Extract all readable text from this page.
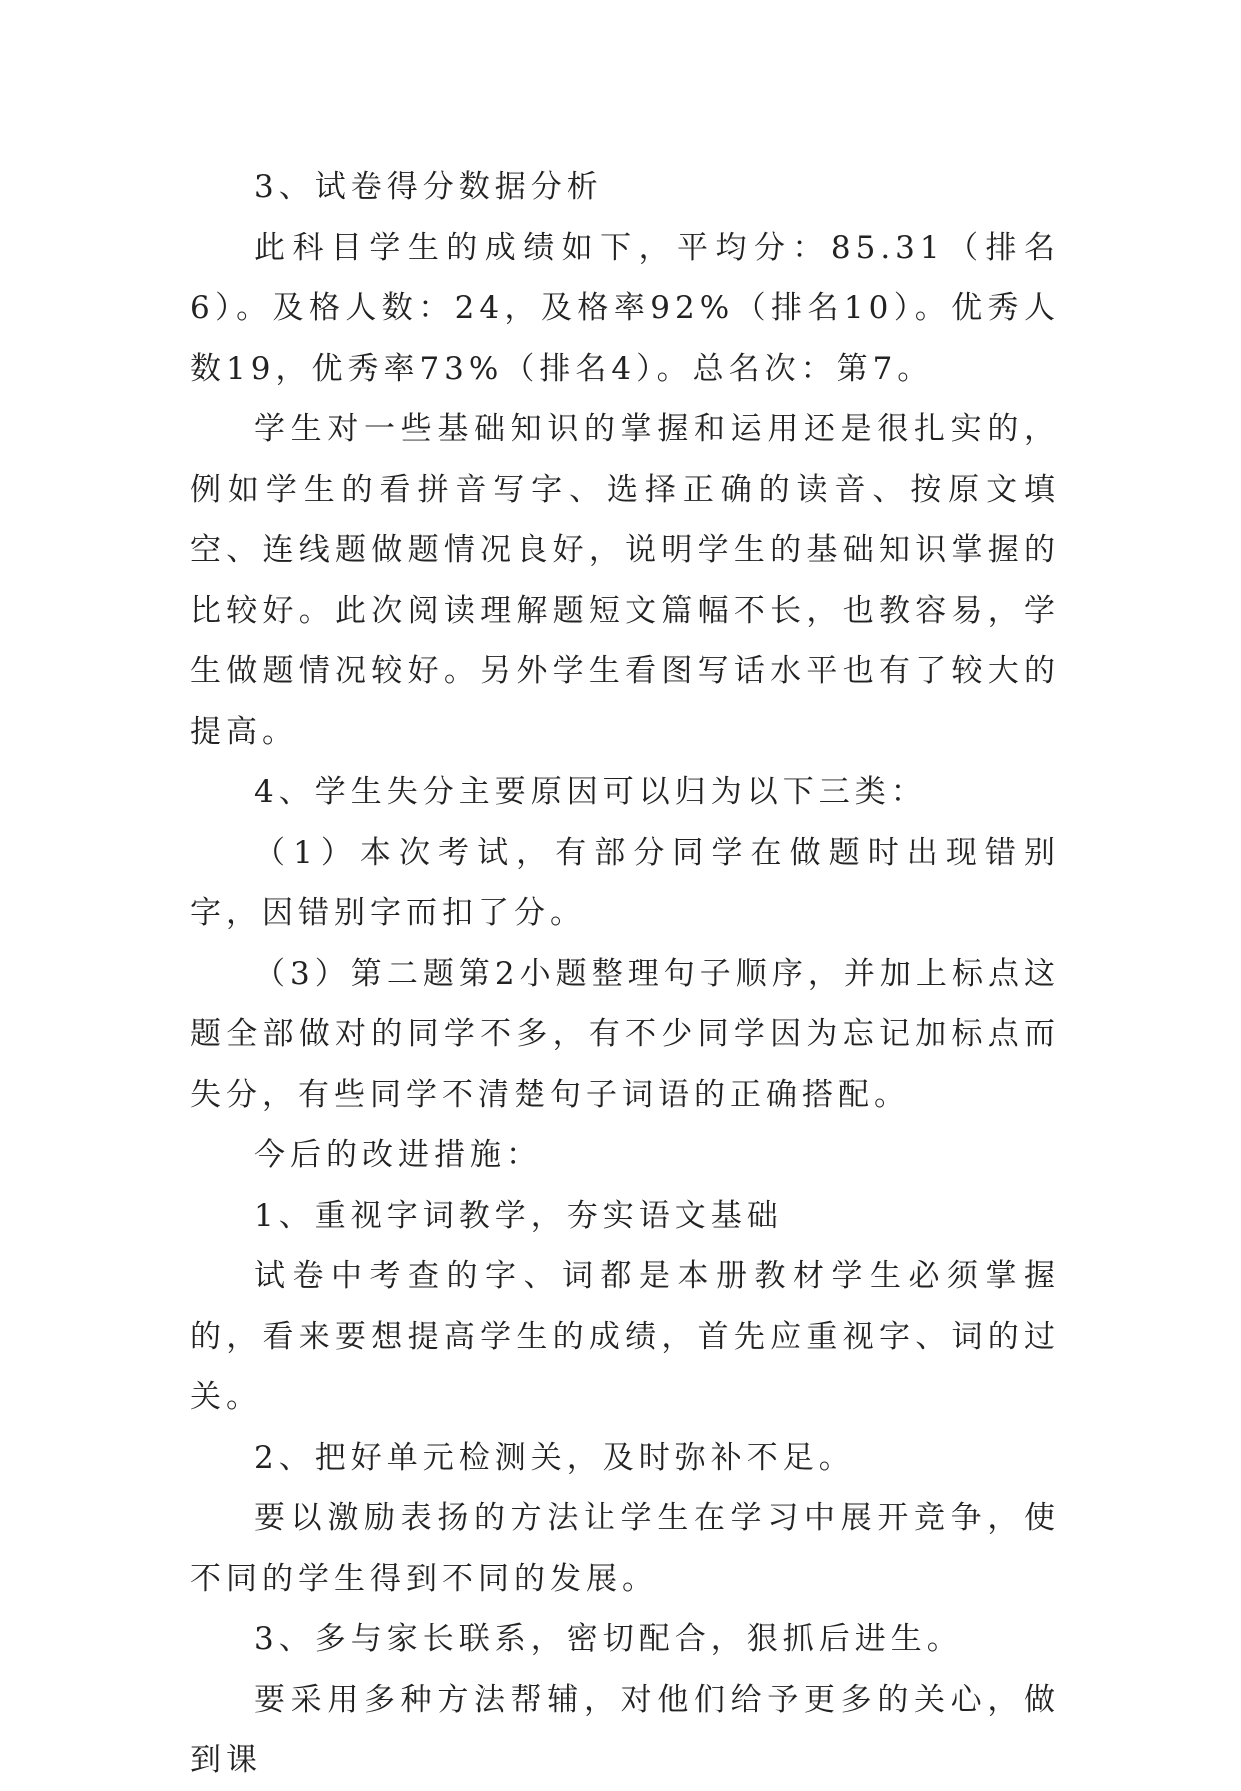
3、试卷得分数据分析

此科目学生的成绩如下，平均分：85.31（排名6）。及格人数：24，及格率92%（排名10）。优秀人数19，优秀率73%（排名4）。总名次：第7。

学生对一些基础知识的掌握和运用还是很扎实的，例如学生的看拼音写字、选择正确的读音、按原文填空、连线题做题情况良好，说明学生的基础知识掌握的比较好。此次阅读理解题短文篇幅不长，也教容易，学生做题情况较好。另外学生看图写话水平也有了较大的提高。

4、学生失分主要原因可以归为以下三类：

（1）本次考试，有部分同学在做题时出现错别字，因错别字而扣了分。

（3）第二题第2小题整理句子顺序，并加上标点这题全部做对的同学不多，有不少同学因为忘记加标点而失分，有些同学不清楚句子词语的正确搭配。

今后的改进措施：

1、重视字词教学，夯实语文基础

试卷中考查的字、词都是本册教材学生必须掌握的，看来要想提高学生的成绩，首先应重视字、词的过关。

2、把好单元检测关，及时弥补不足。

要以激励表扬的方法让学生在学习中展开竞争，使不同的学生得到不同的发展。

3、多与家长联系，密切配合，狠抓后进生。

要采用多种方法帮辅，对他们给予更多的关心，做到课
